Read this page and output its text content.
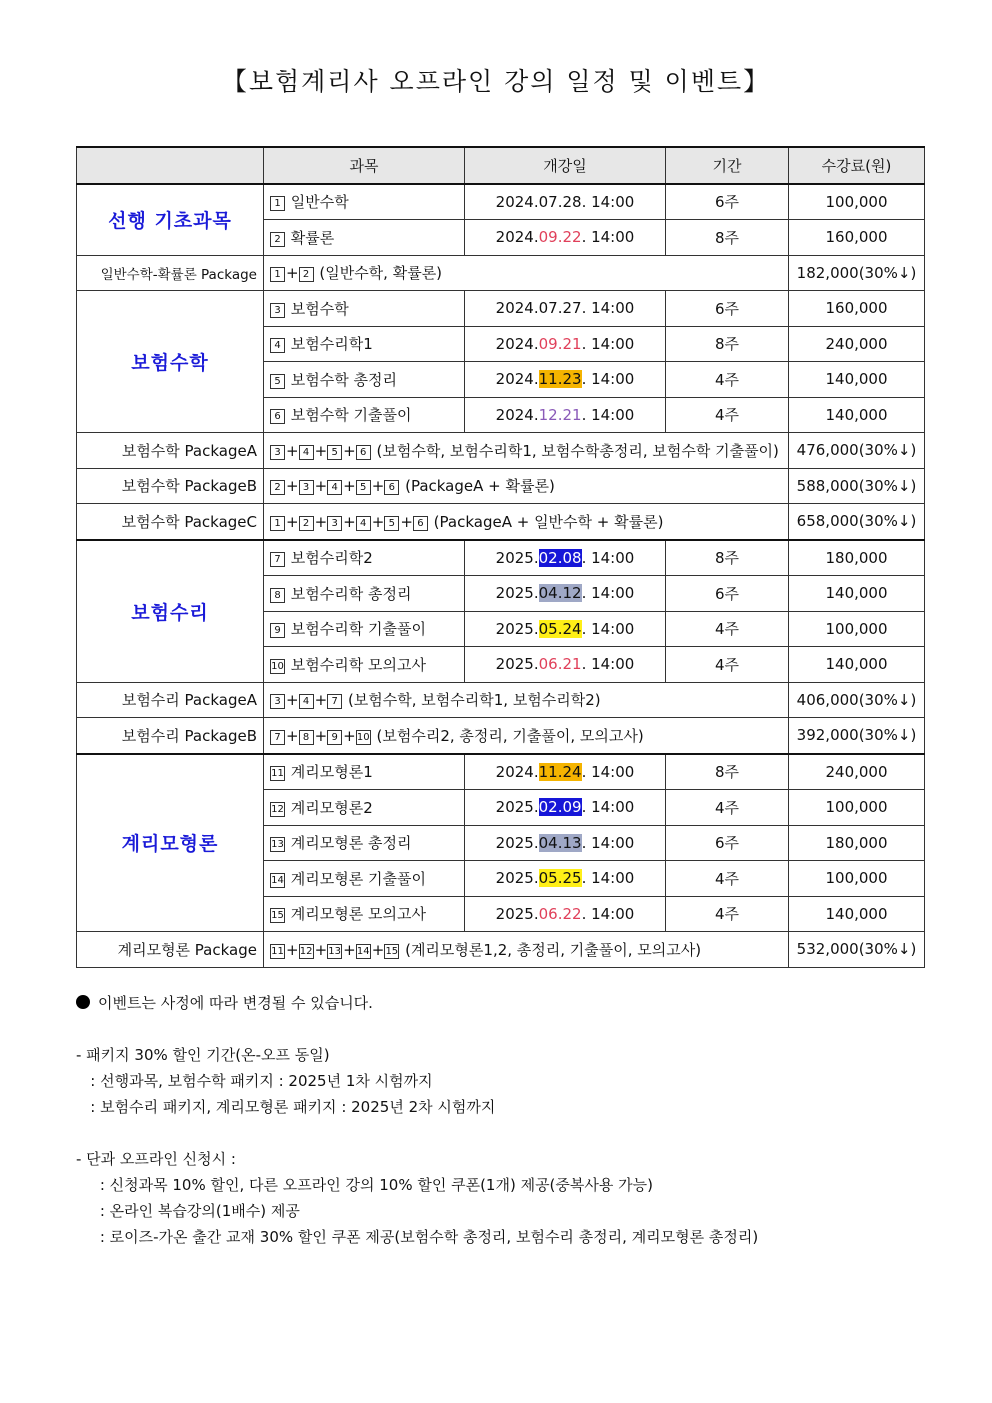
【보험계리사 오프라인 강의 일정 및 이벤트】
	과목	개강일	기간	수강료(원)
선행 기초과목	1 일반수학	2024.07.28. 14:00	6주	100,000
	2 확률론	2024.09.22. 14:00	8주	160,000
일반수학-확률론 Package	1 + 2 (일반수학, 확률론)			182,000(30%↓)
보험수학	3 보험수학	2024.07.27. 14:00	6주	160,000
	4 보험수리학1	2024.09.21. 14:00	8주	240,000
	5 보험수학 총정리	2024.11.23. 14:00	4주	140,000
	6 보험수학 기출풀이	2024.12.21. 14:00	4주	140,000
보험수학 PackageA	3 + 4 + 5 + 6 (보험수학, 보험수리학1, 보험수학총정리, 보험수학 기출풀이)			476,000(30%↓)
보험수학 PackageB	2 + 3 + 4 + 5 + 6 (PackageA + 확률론)			588,000(30%↓)
보험수학 PackageC	1 + 2 + 3 + 4 + 5 + 6 (PackageA + 일반수학 + 확률론)			658,000(30%↓)
보험수리	7 보험수리학2	2025.02.08. 14:00	8주	180,000
	8 보험수리학 총정리	2025.04.12. 14:00	6주	140,000
	9 보험수리학 기출풀이	2025.05.24. 14:00	4주	100,000
	10 보험수리학 모의고사	2025.06.21. 14:00	4주	140,000
보험수리 PackageA	3 + 4 + 7 (보험수학, 보험수리학1, 보험수리학2)			406,000(30%↓)
보험수리 PackageB	7 + 8 + 9 +10 (보험수리2, 총정리, 기출풀이, 모의고사)			392,000(30%↓)
계리모형론	11 계리모형론1	2024.11.24. 14:00	8주	240,000
	12 계리모형론2	2025.02.09. 14:00	4주	100,000
	13 계리모형론 총정리	2025.04.13. 14:00	6주	180,000
	14 계리모형론 기출풀이	2025.05.25. 14:00	4주	100,000
	15 계리모형론 모의고사	2025.06.22. 14:00	4주	140,000
계리모형론 Package	11 +12 +13 +14 +15 (계리모형론1,2, 총정리, 기출풀이, 모의고사)			532,000(30%↓)

이벤트는 사정에 따라 변경될 수 있습니다.

- 패키지 30% 할인 기간(온-오프 동일)

: 선행과목, 보험수학 패키지 : 2025년 1차 시험까지

: 보험수리 패키지, 계리모형론 패키지 : 2025년 2차 시험까지

- 단과 오프라인 신청시 :

: 신청과목 10% 할인, 다른 오프라인 강의 10% 할인 쿠폰(1개) 제공(중복사용 가능)

: 온라인 복습강의(1배수) 제공

: 로이즈-가온 출간 교재 30% 할인 쿠폰 제공(보험수학 총정리, 보험수리 총정리, 계리모형론 총정리)
